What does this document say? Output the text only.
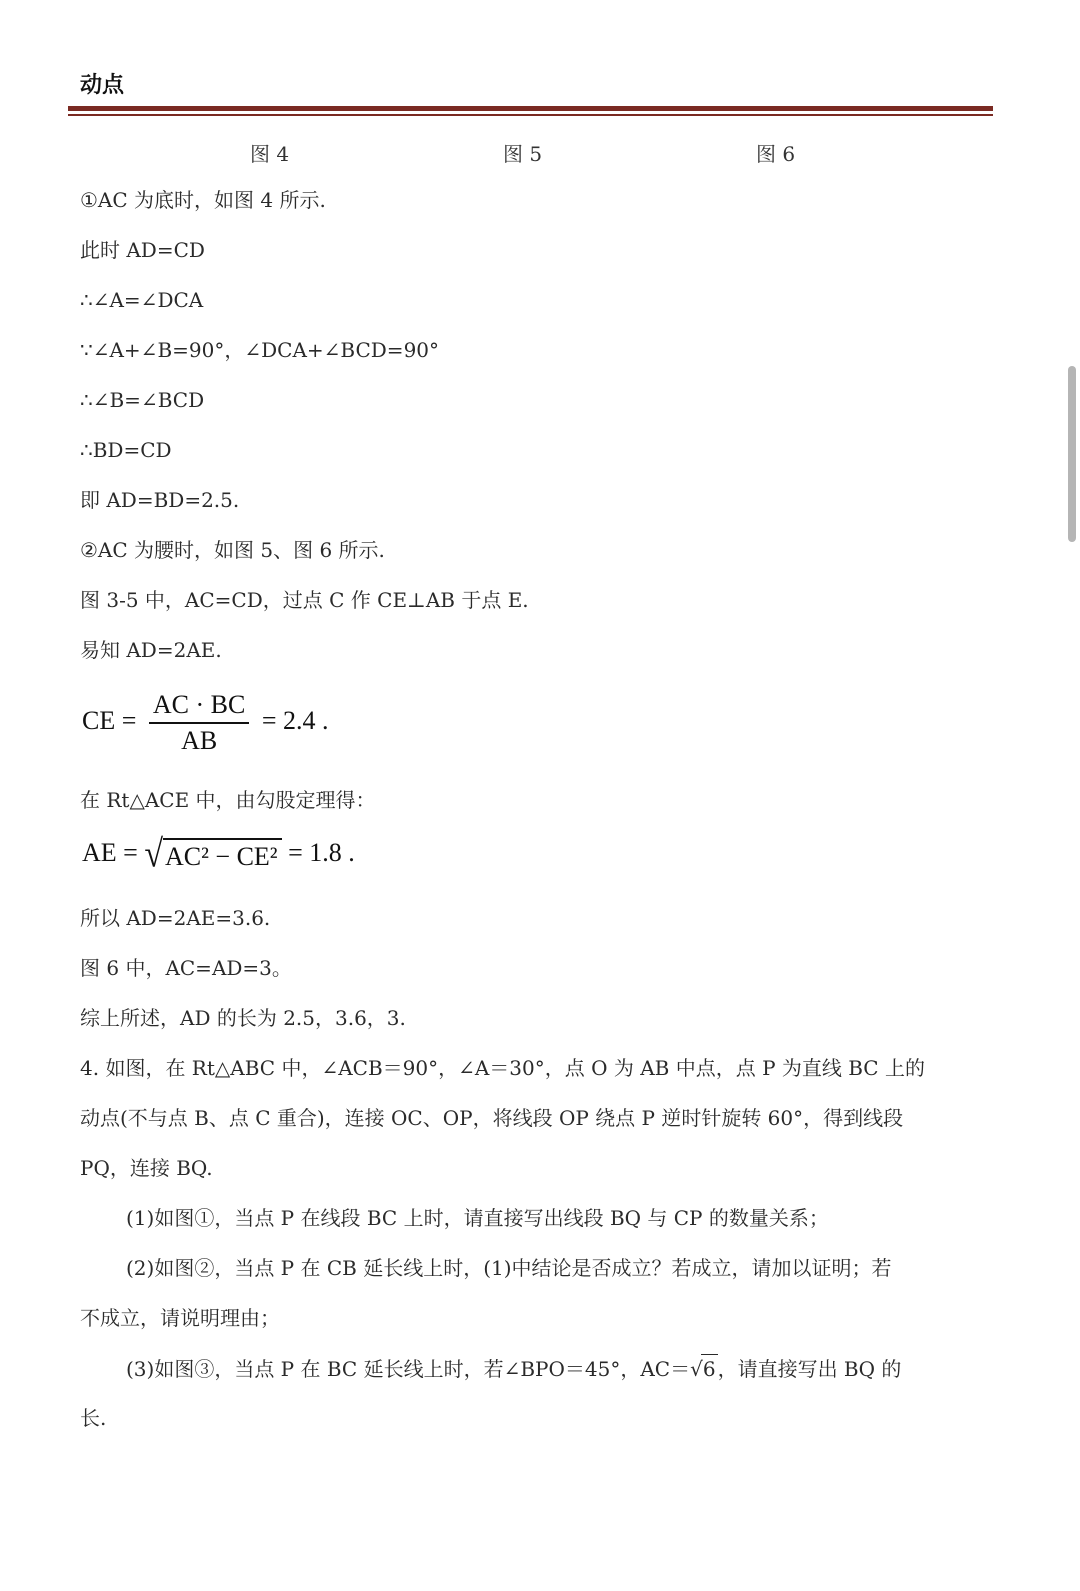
动点
图 4	图 5	图 6
①AC 为底时，如图 4 所示.
此时 AD=CD
∴∠A=∠DCA
∵∠A+∠B=90°，∠DCA+∠BCD=90°
∴∠B=∠BCD
∴BD=CD
即 AD=BD=2.5.
②AC 为腰时，如图 5、图 6 所示.
图 3-5 中，AC=CD，过点 C 作 CE⊥AB 于点 E.
易知 AD=2AE.
CE = $\frac{AC \cdot BC}{AB} = 2.4$ .
在 Rt△ACE 中，由勾股定理得：
AE = √AC² − CE² = 1.8 .
所以 AD=2AE=3.6.
图 6 中，AC=AD=3。
综上所述，AD 的长为 2.5，3.6，3.
4. 如图，在 Rt△ABC 中，∠ACB＝90°，∠A＝30°，点 O 为 AB 中点，点 P 为直线 BC 上的
动点(不与点 B、点 C 重合)，连接 OC、OP，将线段 OP 绕点 P 逆时针旋转 60°，得到线段
PQ，连接 BQ.
(1)如图①，当点 P 在线段 BC 上时，请直接写出线段 BQ 与 CP 的数量关系；
(2)如图②，当点 P 在 CB 延长线上时，(1)中结论是否成立？若成立，请加以证明；若
不成立，请说明理由；
(3)如图③，当点 P 在 BC 延长线上时，若∠BPO＝45°，AC＝√6 ，请直接写出 BQ 的
长.
